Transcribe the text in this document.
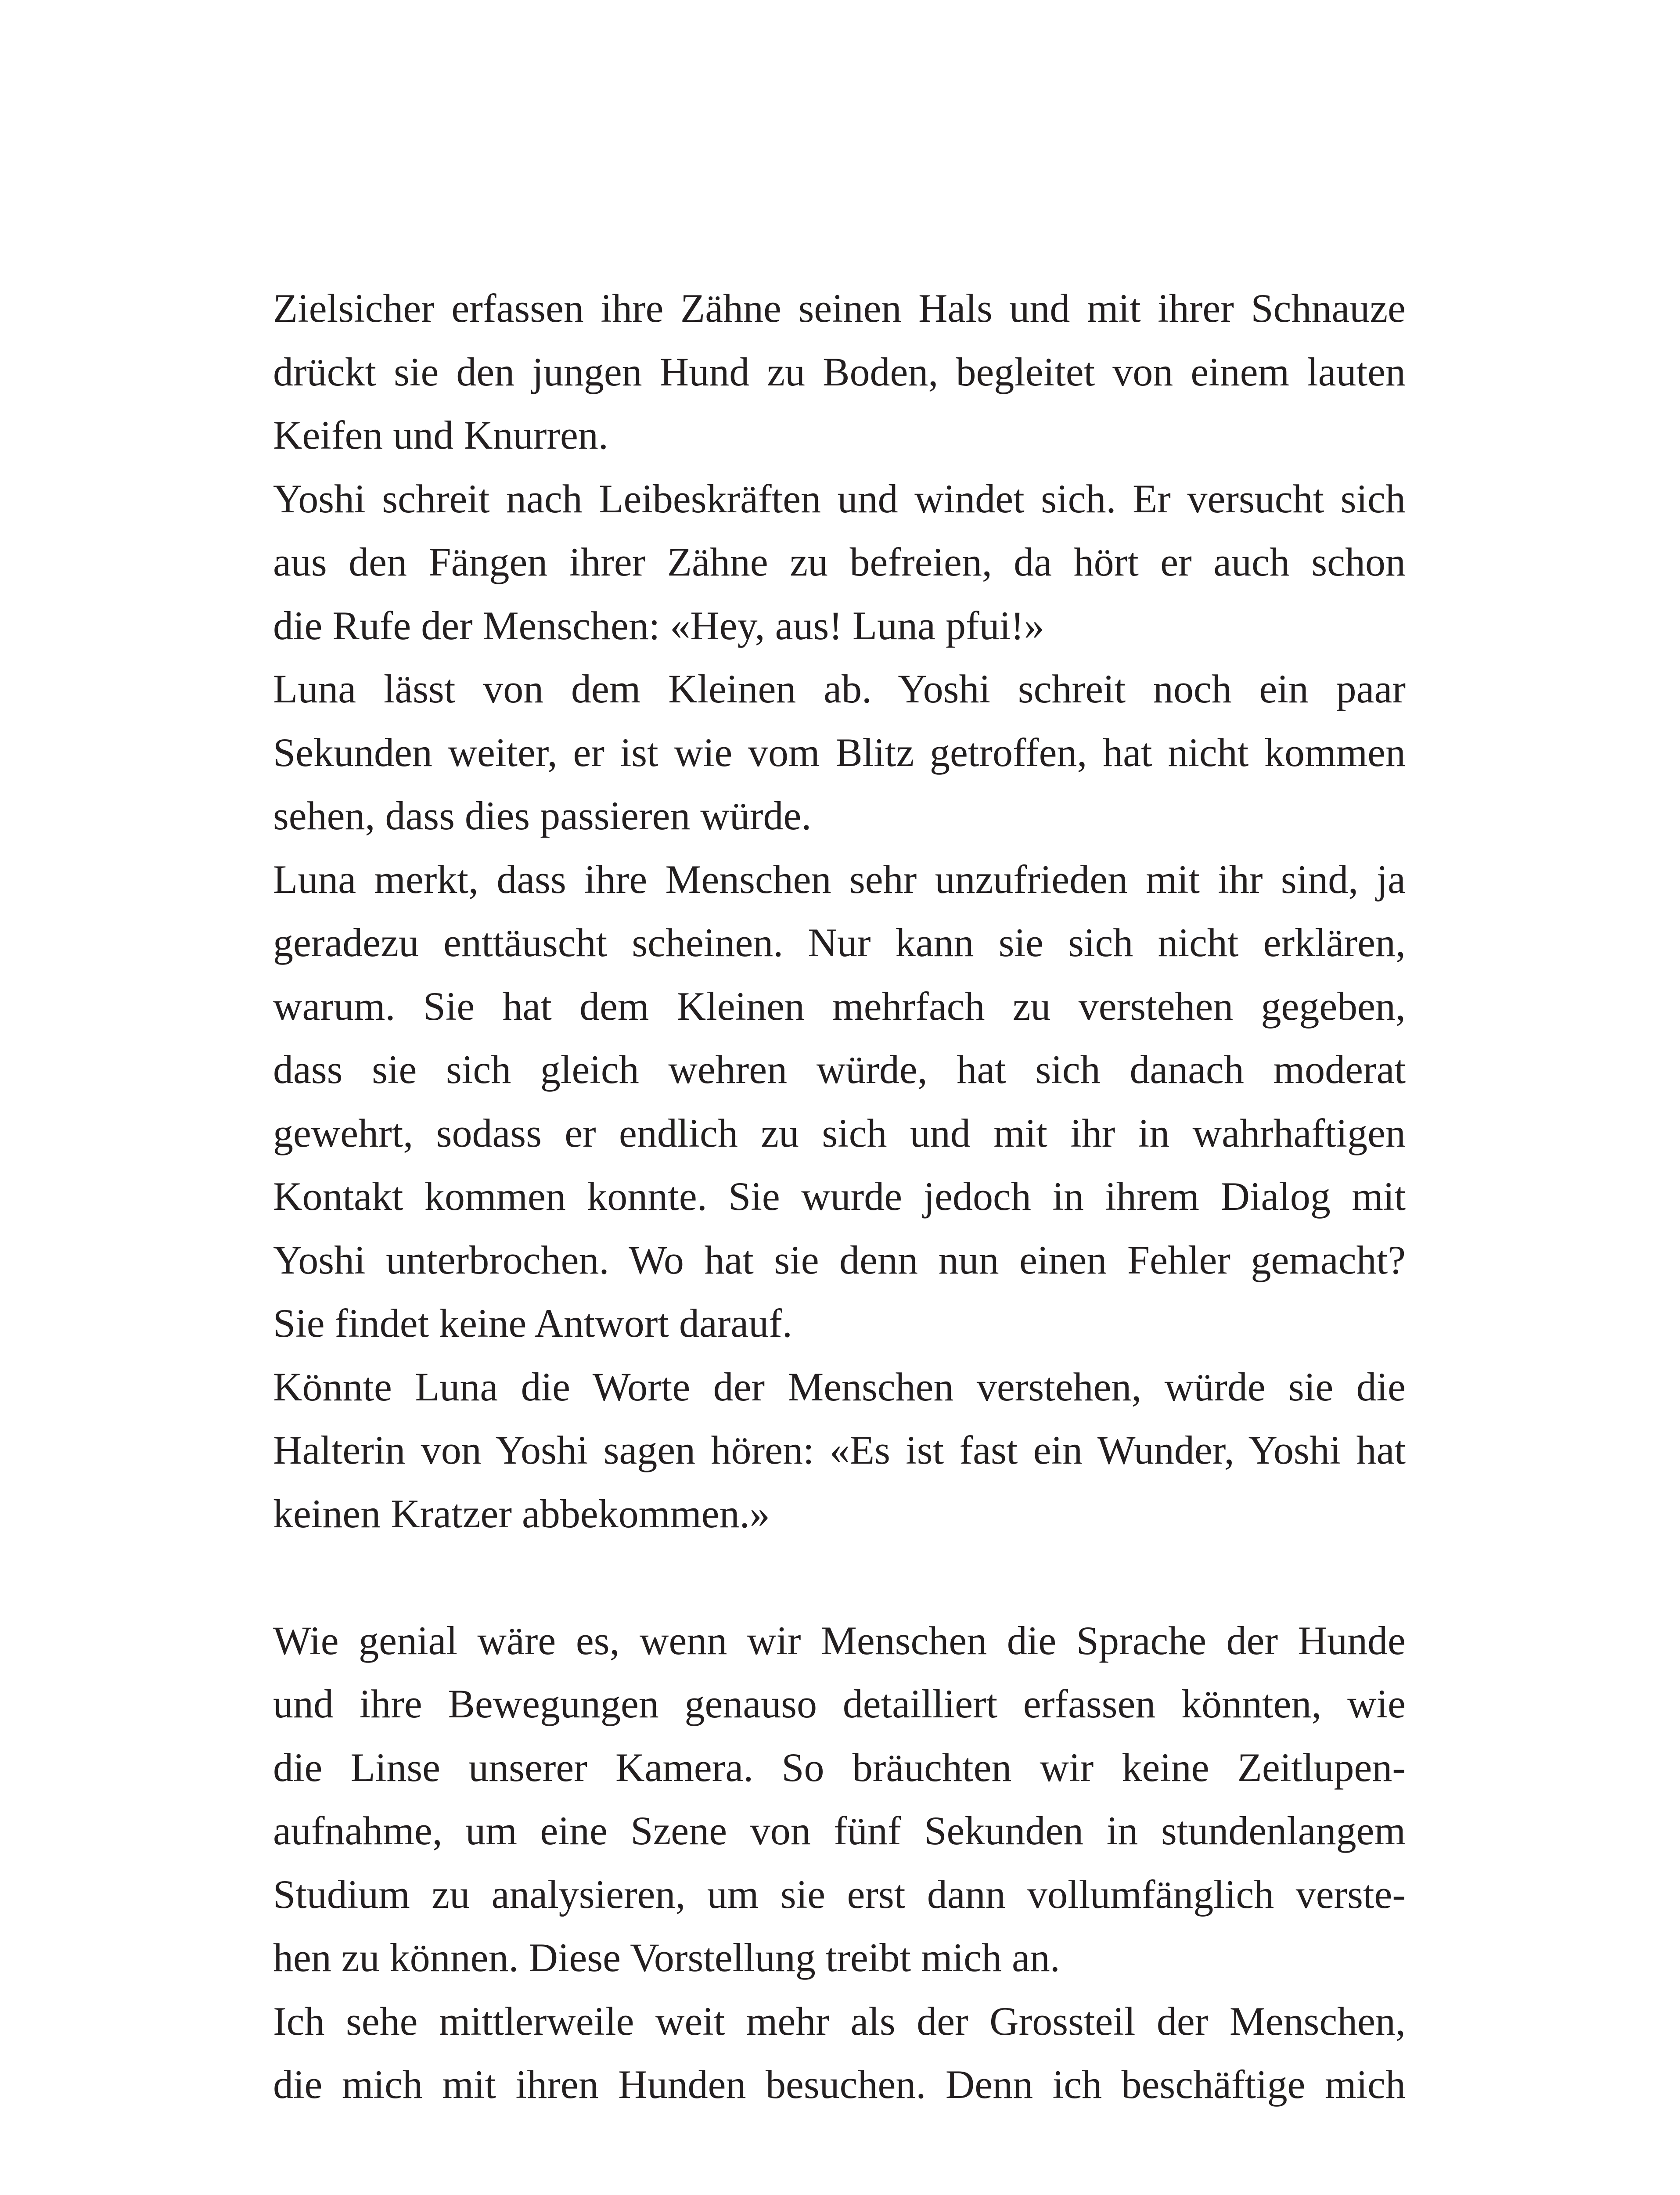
Zielsicher erfassen ihre Zähne seinen Hals und mit ihrer Schnauze
drückt sie den jungen Hund zu Boden, begleitet von einem lauten
Keifen und Knurren.
Yoshi schreit nach Leibeskräften und windet sich. Er versucht sich
aus den Fängen ihrer Zähne zu befreien, da hört er auch schon
die Rufe der Menschen: «Hey, aus! Luna pfui!»
Luna lässt von dem Kleinen ab. Yoshi schreit noch ein paar
Sekunden weiter, er ist wie vom Blitz getroffen, hat nicht kommen
sehen, dass dies passieren würde.
Luna merkt, dass ihre Menschen sehr unzufrieden mit ihr sind, ja
geradezu enttäuscht scheinen. Nur kann sie sich nicht erklären,
warum. Sie hat dem Kleinen mehrfach zu verstehen gegeben,
dass sie sich gleich wehren würde, hat sich danach moderat
gewehrt, sodass er endlich zu sich und mit ihr in wahrhaftigen
Kontakt kommen konnte. Sie wurde jedoch in ihrem Dialog mit
Yoshi unterbrochen. Wo hat sie denn nun einen Fehler gemacht?
Sie findet keine Antwort darauf.
Könnte Luna die Worte der Menschen verstehen, würde sie die
Halterin von Yoshi sagen hören: «Es ist fast ein Wunder, Yoshi hat
keinen Kratzer abbekommen.»
Wie genial wäre es, wenn wir Menschen die Sprache der Hunde
und ihre Bewegungen genauso detailliert erfassen könnten, wie
die Linse unserer Kamera. So bräuchten wir keine Zeitlupen-
aufnahme, um eine Szene von fünf Sekunden in stundenlangem
Studium zu analysieren, um sie erst dann vollumfänglich verste-
hen zu können. Diese Vorstellung treibt mich an.
Ich sehe mittlerweile weit mehr als der Grossteil der Menschen,
die mich mit ihren Hunden besuchen. Denn ich beschäftige mich
